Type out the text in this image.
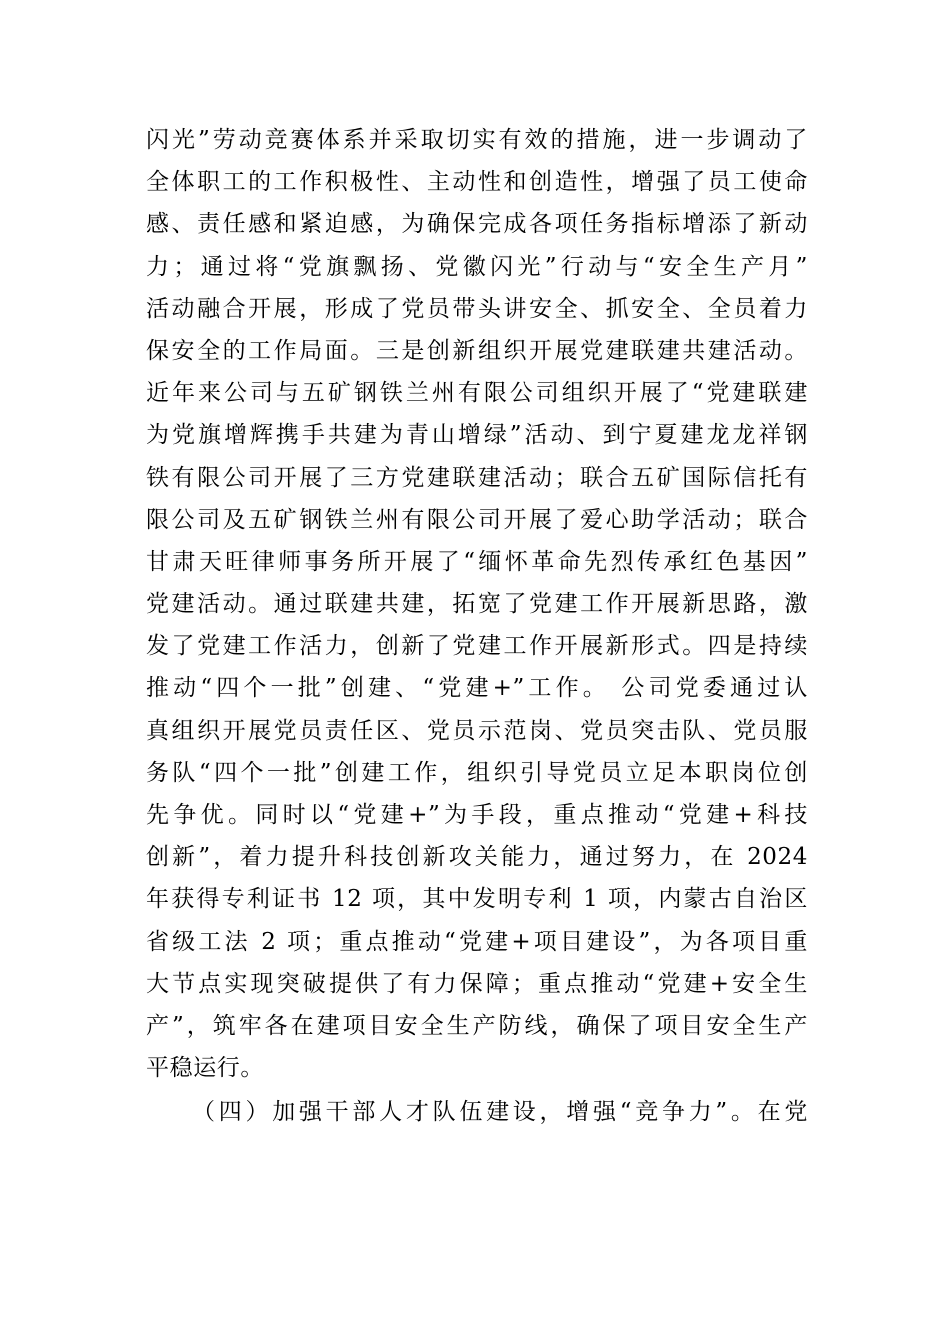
闪光”劳动竞赛体系并采取切实有效的措施，进一步调动了
全体职工的工作积极性、主动性和创造性，增强了员工使命
感、责任感和紧迫感，为确保完成各项任务指标增添了新动
力；通过将“党旗飘扬、党徽闪光”行动与“安全生产月”
活动融合开展，形成了党员带头讲安全、抓安全、全员着力
保安全的工作局面。三是创新组织开展党建联建共建活动。
近年来公司与五矿钢铁兰州有限公司组织开展了“党建联建
为党旗增辉携手共建为青山增绿”活动、到宁夏建龙龙祥钢
铁有限公司开展了三方党建联建活动；联合五矿国际信托有
限公司及五矿钢铁兰州有限公司开展了爱心助学活动；联合
甘肃天旺律师事务所开展了“缅怀革命先烈传承红色基因”
党建活动。通过联建共建，拓宽了党建工作开展新思路，激
发了党建工作活力，创新了党建工作开展新形式。四是持续
推动“四个一批”创建、“党建+”工作。 公司党委通过认
真组织开展党员责任区、党员示范岗、党员突击队、党员服
务队“四个一批”创建工作，组织引导党员立足本职岗位创
先争优。同时以“党建+”为手段，重点推动“党建+科技
创新”，着力提升科技创新攻关能力，通过努力，在 2024
年获得专利证书 12 项，其中发明专利 1 项，内蒙古自治区
省级工法 2 项；重点推动“党建+项目建设”，为各项目重
大节点实现突破提供了有力保障；重点推动“党建+安全生
产”，筑牢各在建项目安全生产防线，确保了项目安全生产
平稳运行。
（四）加强干部人才队伍建设，增强“竞争力”。在党
